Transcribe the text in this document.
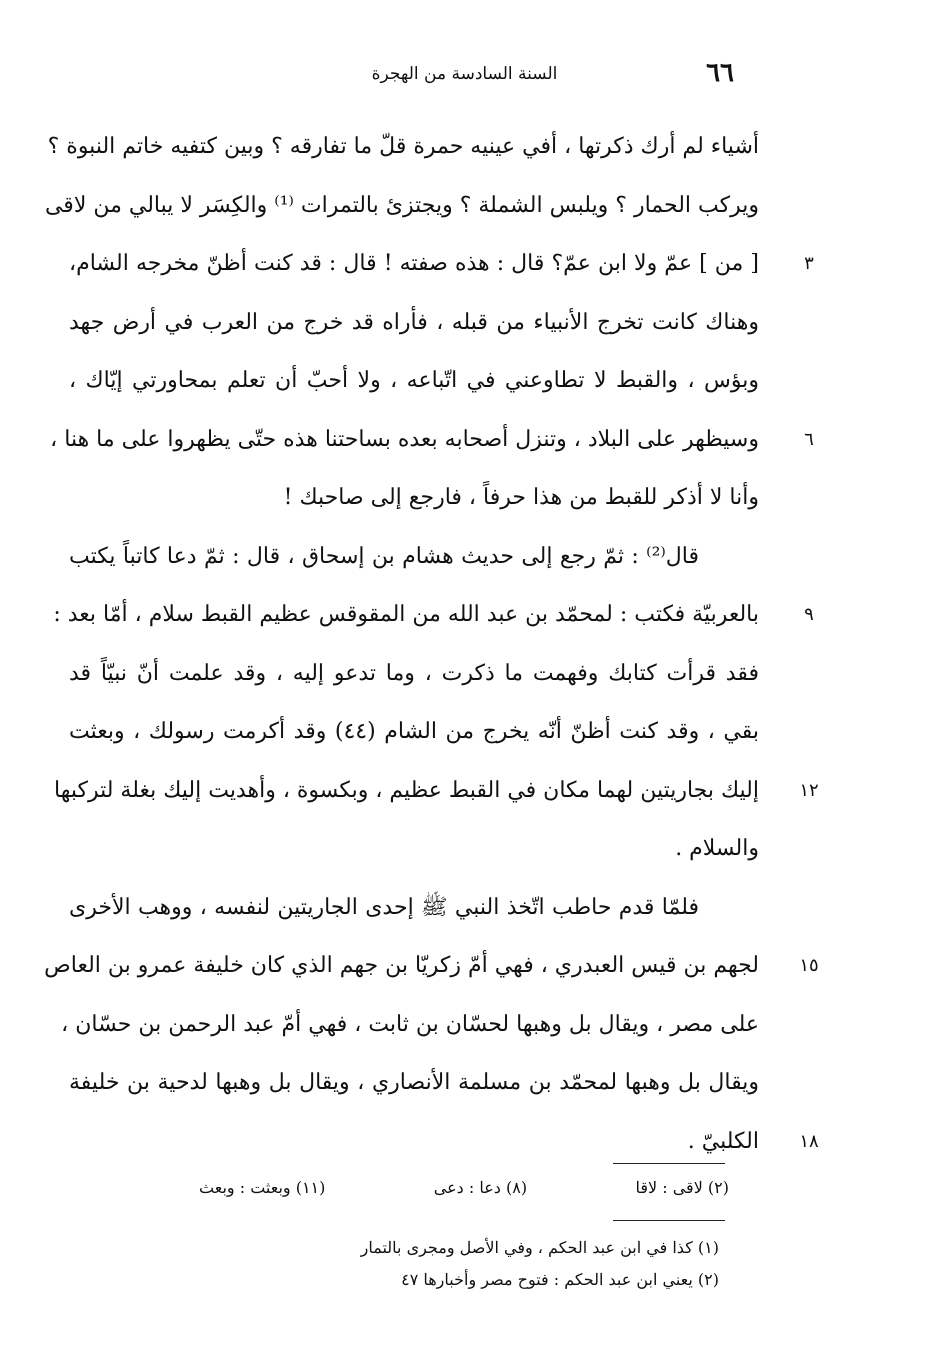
٦٦
السنة السادسة من الهجرة
أشياء لم أرك ذكرتها ، أفي عينيه حمرة قلّ ما تفارقه ؟ وبين كتفيه خاتم النبوة ؟
ويركب الحمار ؟ ويلبس الشملة ؟ ويجتزئ بالتمرات ⁽¹⁾ والكِسَر لا يبالي من لاقى
[ من ] عمّ ولا ابن عمّ؟ قال : هذه صفته ! قال : قد كنت أظنّ مخرجه الشام،	٣
وهناك كانت تخرج الأنبياء من قبله ، فأراه قد خرج من العرب في أرض جهد
وبؤس ، والقبط لا تطاوعني في اتّباعه ، ولا أحبّ أن تعلم بمحاورتي إيّاك ،
وسيظهر على البلاد ، وتنزل أصحابه بعده بساحتنا هذه حتّى يظهروا على ما هنا ،	٦
وأنا لا أذكر للقبط من هذا حرفاً ، فارجع إلى صاحبك !
قال⁽²⁾ : ثمّ رجع إلى حديث هشام بن إسحاق ، قال : ثمّ دعا كاتباً يكتب
بالعربيّة فكتب : لمحمّد بن عبد الله من المقوقس عظيم القبط سلام ، أمّا بعد :	٩
فقد قرأت كتابك وفهمت ما ذكرت ، وما تدعو إليه ، وقد علمت أنّ نبيّاً قد
بقي ، وقد كنت أظنّ أنّه يخرج من الشام (٤٤) وقد أكرمت رسولك ، وبعثت
إليك بجاريتين لهما مكان في القبط عظيم ، وبكسوة ، وأهديت إليك بغلة لتركبها	١٢
والسلام .
فلمّا قدم حاطب اتّخذ النبي ﷺ إحدى الجاريتين لنفسه ، ووهب الأخرى
لجهم بن قيس العبدري ، فهي أمّ زكريّا بن جهم الذي كان خليفة عمرو بن العاص	١٥
على مصر ، ويقال بل وهبها لحسّان بن ثابت ، فهي أمّ عبد الرحمن بن حسّان ،
ويقال بل وهبها لمحمّد بن مسلمة الأنصاري ، ويقال بل وهبها لدحية بن خليفة
الكلبيّ .	١٨
(٢) لاقى : لاقا
(٨) دعا : دعى
(١١) وبعثت : وبعث
(١) كذا في ابن عبد الحكم ، وفي الأصل ومجرى بالتمار
(٢) يعني ابن عبد الحكم : فتوح مصر وأخبارها ٤٧
